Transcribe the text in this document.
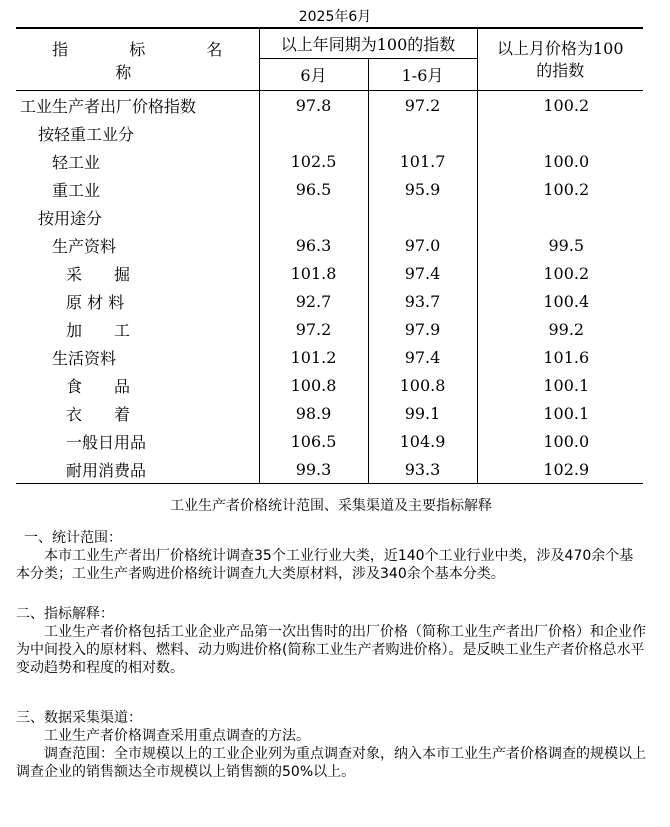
2025年6月
指 标 名 称	以上年同期为100的指数		以上月价格为100
的指数

	6月	1-6月	
工业生产者出厂价格指数	97.8	97.2	100.2
按轻重工业分			
轻工业	102.5	101.7	100.0
重工业	96.5	95.9	100.2
按用途分			
生产资料	96.3	97.0	99.5
采　　掘	101.8	97.4	100.2
原 材 料	92.7	93.7	100.4
加　　工	97.2	97.9	99.2
生活资料	101.2	97.4	101.6
食　　品	100.8	100.8	100.1
衣　　着	98.9	99.1	100.1
一般日用品	106.5	104.9	100.0
耐用消费品	99.3	93.3	102.9
工业生产者价格统计范围、采集渠道及主要指标解释
一、统计范围：
　　本市工业生产者出厂价格统计调查35个工业行业大类，近140个工业行业中类，涉及470余个基本分类；工业生产者购进价格统计调查九大类原材料，涉及340余个基本分类。
二、指标解释：
　　工业生产者价格包括工业企业产品第一次出售时的出厂价格（简称工业生产者出厂价格）和企业作为中间投入的原材料、燃料、动力购进价格(简称工业生产者购进价格）。是反映工业生产者价格总水平变动趋势和程度的相对数。
三、数据采集渠道：
　　工业生产者价格调查采用重点调查的方法。
　　调查范围：全市规模以上的工业企业列为重点调查对象，纳入本市工业生产者价格调查的规模以上调查企业的销售额达全市规模以上销售额的50%以上。
